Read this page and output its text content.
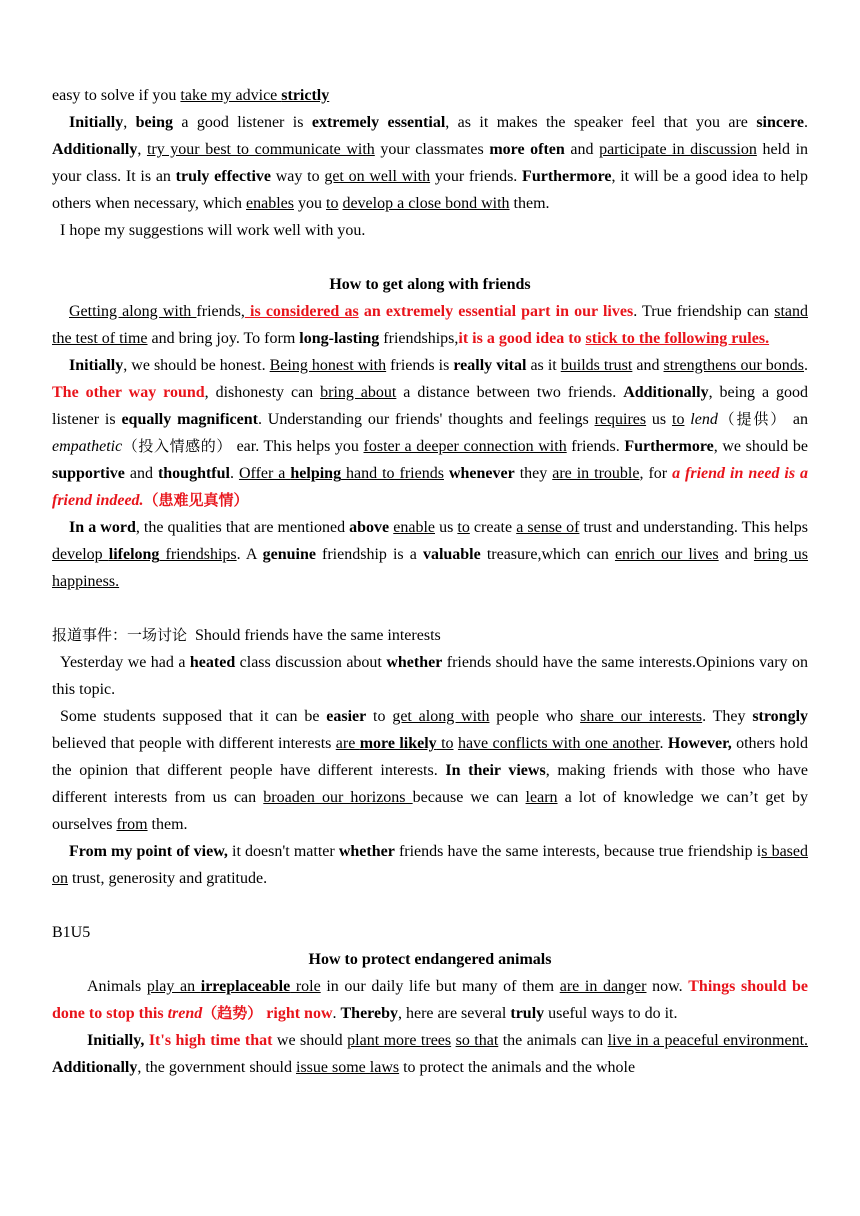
easy to solve if you take my advice strictly

Initially, being a good listener is extremely essential, as it makes the speaker feel that you are sincere. Additionally, try your best to communicate with your classmates more often and participate in discussion held in your class. It is an truly effective way to get on well with your friends. Furthermore, it will be a good idea to help others when necessary, which enables you to develop a close bond with them.

I hope my suggestions will work well with you.

How to get along with friends

Getting along with friends, is considered as an extremely essential part in our lives. True friendship can stand the test of time and bring joy. To form long-lasting friendships,it is a good idea to stick to the following rules.

Initially, we should be honest. Being honest with friends is really vital as it builds trust and strengthens our bonds. The other way round, dishonesty can bring about a distance between two friends. Additionally, being a good listener is equally magnificent. Understanding our friends' thoughts and feelings requires us to lend（提供） an empathetic（投入情感的） ear. This helps you foster a deeper connection with friends. Furthermore, we should be supportive and thoughtful. Offer a helping hand to friends whenever they are in trouble, for a friend in need is a friend indeed.（患难见真情）

In a word, the qualities that are mentioned above enable us to create a sense of trust and understanding. This helps develop lifelong friendships. A genuine friendship is a valuable treasure,which can enrich our lives and bring us happiness.

报道事件：一场讨论  Should friends have the same interests

Yesterday we had a heated class discussion about whether friends should have the same interests.Opinions vary on this topic.

Some students supposed that it can be easier to get along with people who share our interests. They strongly believed that people with different interests are more likely to have conflicts with one another. However, others hold the opinion that different people have different interests. In their views, making friends with those who have different interests from us can broaden our horizons because we can learn a lot of knowledge we can’t get by ourselves from them.

From my point of view, it doesn't matter whether friends have the same interests, because true friendship is based on trust, generosity and gratitude.

B1U5

How to protect endangered animals

Animals play an irreplaceable role in our daily life but many of them are in danger now. Things should be done to stop this trend（趋势） right now. Thereby, here are several truly useful ways to do it.

Initially, It's high time that we should plant more trees so that the animals can live in a peaceful environment. Additionally, the government should issue some laws to protect the animals and the whole
